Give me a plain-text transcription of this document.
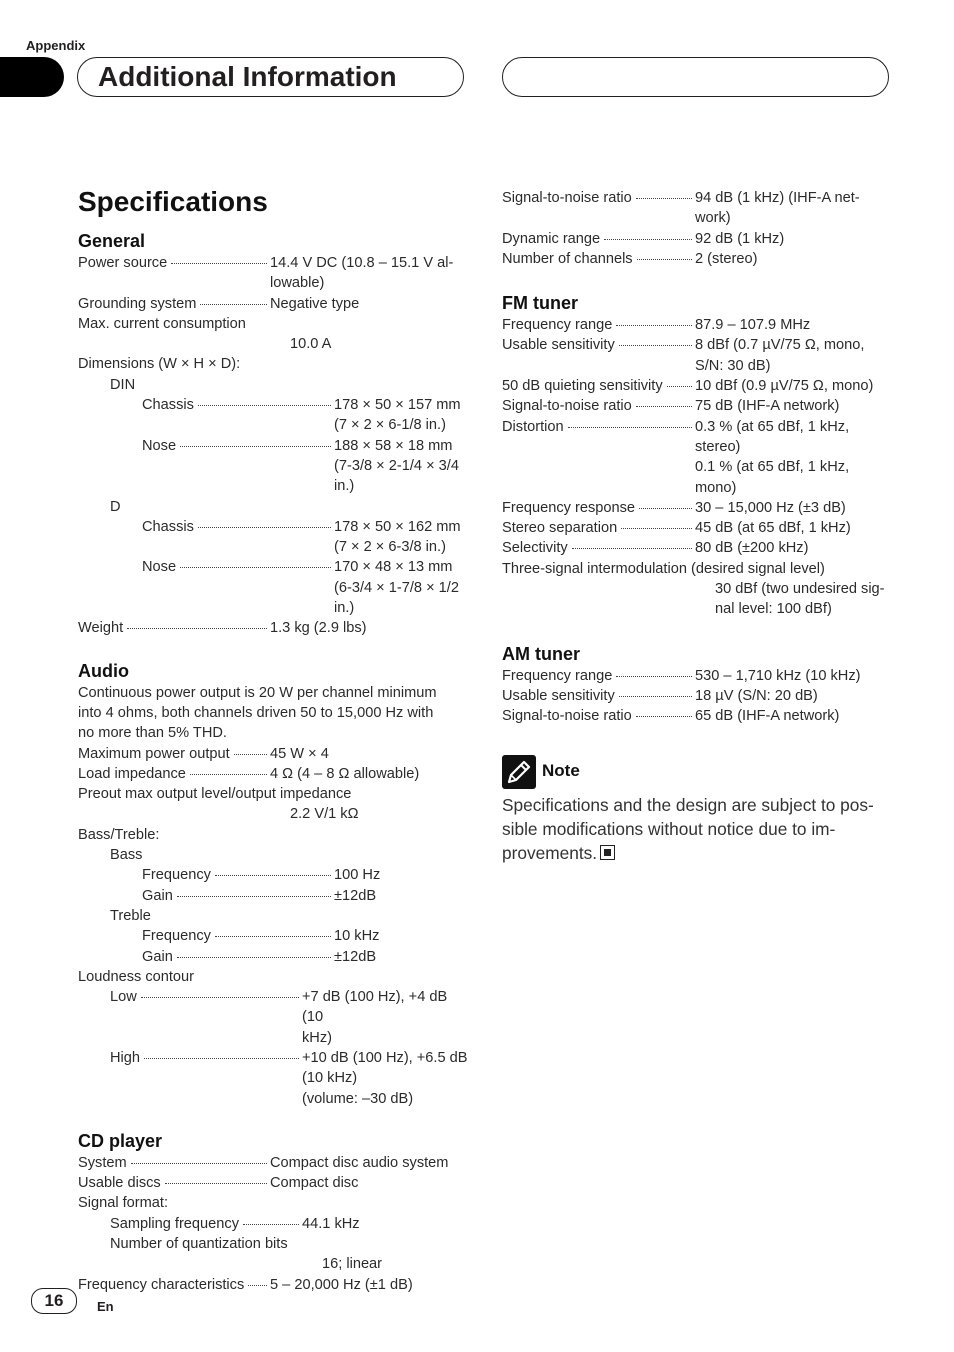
Appendix
Additional Information
Specifications
General
Power source	14.4 V DC (10.8 – 15.1 V al-
lowable)
Grounding system	Negative type
Max. current consumption
10.0 A
Dimensions (W × H × D):
DIN
Chassis	178 × 50 × 157 mm
(7 × 2 × 6-1/8 in.)
Nose	188 × 58 × 18 mm
(7-3/8 × 2-1/4 × 3/4 in.)
D
Chassis	178 × 50 × 162 mm
(7 × 2 × 6-3/8 in.)
Nose	170 × 48 × 13 mm
(6-3/4 × 1-7/8 × 1/2 in.)
Weight	1.3 kg (2.9 lbs)
Audio
Continuous power output is 20 W per channel minimum
into 4 ohms, both channels driven 50 to 15,000 Hz with
no more than 5% THD.
Maximum power output	45 W × 4
Load impedance	4 Ω (4 – 8 Ω allowable)
Preout max output level/output impedance
2.2 V/1 kΩ
Bass/Treble:
Bass
Frequency	100 Hz
Gain	±12dB
Treble
Frequency	10 kHz
Gain	±12dB
Loudness contour
Low	+7 dB (100 Hz), +4 dB (10
kHz)
High	+10 dB (100 Hz), +6.5 dB
(10 kHz)
(volume: –30 dB)
CD player
System	Compact disc audio system
Usable discs	Compact disc
Signal format:
Sampling frequency	44.1 kHz
Number of quantization bits
16; linear
Frequency characteristics 5 – 20,000 Hz (±1 dB)
Signal-to-noise ratio	94 dB (1 kHz) (IHF-A net-
work)
Dynamic range	92 dB (1 kHz)
Number of channels	2 (stereo)
FM tuner
Frequency range	87.9 – 107.9 MHz
Usable sensitivity	8 dBf (0.7 µV/75 Ω, mono,
S/N: 30 dB)
50 dB quieting sensitivity 10 dBf (0.9 µV/75 Ω, mono)
Signal-to-noise ratio	75 dB (IHF-A network)
Distortion	0.3 % (at 65 dBf, 1 kHz,
stereo)
0.1 % (at 65 dBf, 1 kHz,
mono)
Frequency response	30 – 15,000 Hz (±3 dB)
Stereo separation	45 dB (at 65 dBf, 1 kHz)
Selectivity	80 dB (±200 kHz)
Three-signal intermodulation (desired signal level)
30 dBf (two undesired sig-
nal level: 100 dBf)
AM tuner
Frequency range	530 – 1,710 kHz (10 kHz)
Usable sensitivity	18 µV (S/N: 20 dB)
Signal-to-noise ratio	65 dB (IHF-A network)
Note
Specifications and the design are subject to pos-
sible modifications without notice due to im-
provements.
16	En
